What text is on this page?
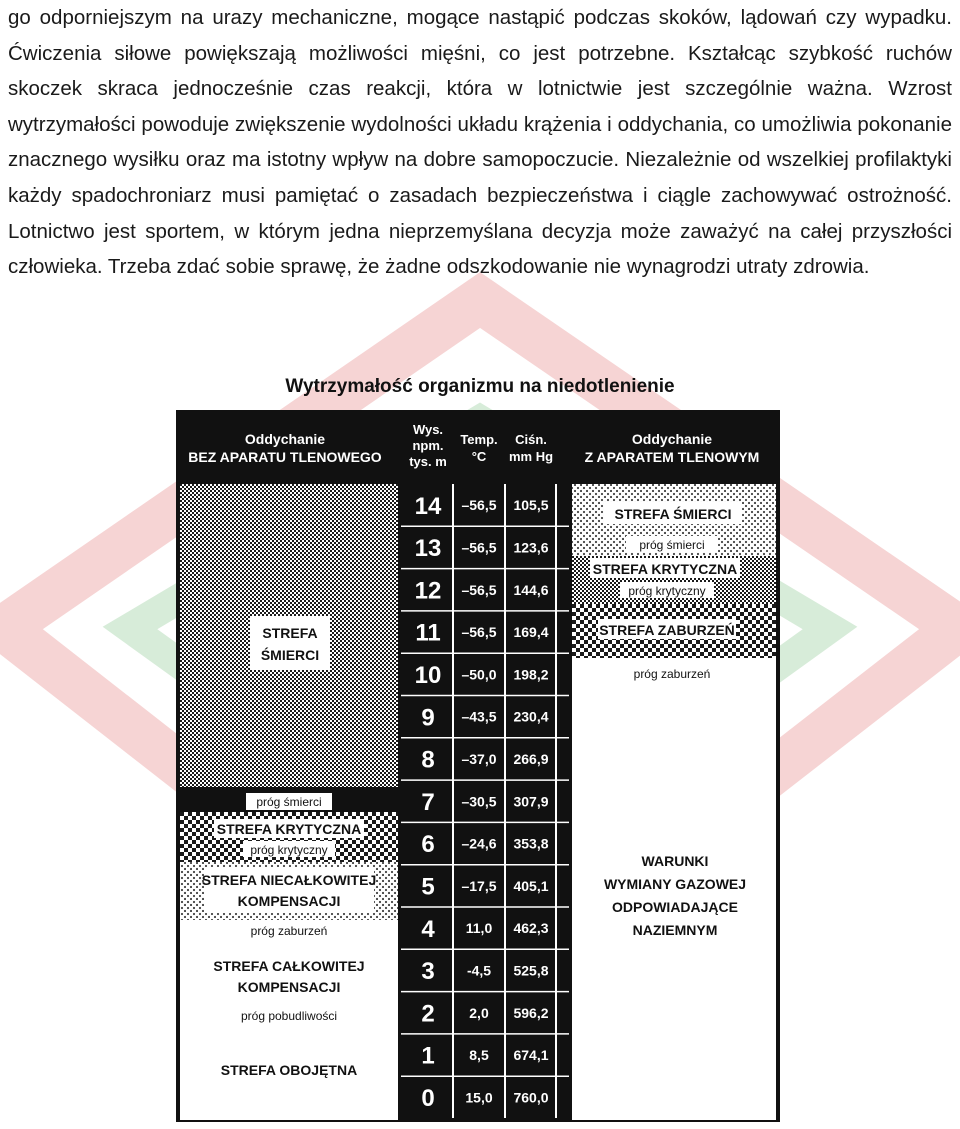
go odporniejszym na urazy mechaniczne, mogące nastąpić podczas skoków, lądowań czy wypadku. Ćwiczenia siłowe powiększają możliwości mięśni, co jest potrzebne. Kształcąc szybkość ruchów skoczek skraca jednocześnie czas reakcji, która w lotnictwie jest szczególnie ważna. Wzrost wytrzymałości powoduje zwiększenie wydolności układu krążenia i oddychania, co umożliwia pokonanie znacznego wysiłku oraz ma istotny wpływ na dobre samopoczucie. Niezależnie od wszelkiej profilaktyki każdy spadochroniarz musi pamiętać o zasadach bezpieczeństwa i ciągle zachowywać ostrożność. Lotnictwo jest sportem, w którym jedna nieprzemyślana decyzja może zaważyć na całej przyszłości człowieka. Trzeba zdać sobie sprawę, że żadne odszkodowanie nie wynagrodzi utraty zdrowia.

Wytrzymałość organizmu na niedotlenienie
Oddychanie
BEZ APARATU TLENOWEGO
Wys.
npm.
tys. m
Temp.
°C
Ciśn.
mm Hg
Oddychanie
Z APARATEM TLENOWYM
STREFA
ŚMIERCI
próg śmierci
STREFA KRYTYCZNA
próg krytyczny
STREFA NIECAŁKOWITEJ
KOMPENSACJI
próg zaburzeń
STREFA CAŁKOWITEJ
KOMPENSACJI
próg pobudliwości
STREFA OBOJĘTNA
14 –56,5 105,5
13 –56,5 123,6
12 –56,5 144,6
11 –56,5 169,4
10 –50,0 198,2
9 –43,5 230,4
8 –37,0 266,9
7 –30,5 307,9
6 –24,6 353,8
5 –17,5 405,1
4 11,0 462,3
3 -4,5 525,8
2 2,0 596,2
1 8,5 674,1
0 15,0 760,0
STREFA ŚMIERCI
próg śmierci
STREFA KRYTYCZNA
próg krytyczny
STREFA ZABURZEŃ
próg zaburzeń
WARUNKI
WYMIANY GAZOWEJ
ODPOWIADAJĄCE
NAZIEMNYM
